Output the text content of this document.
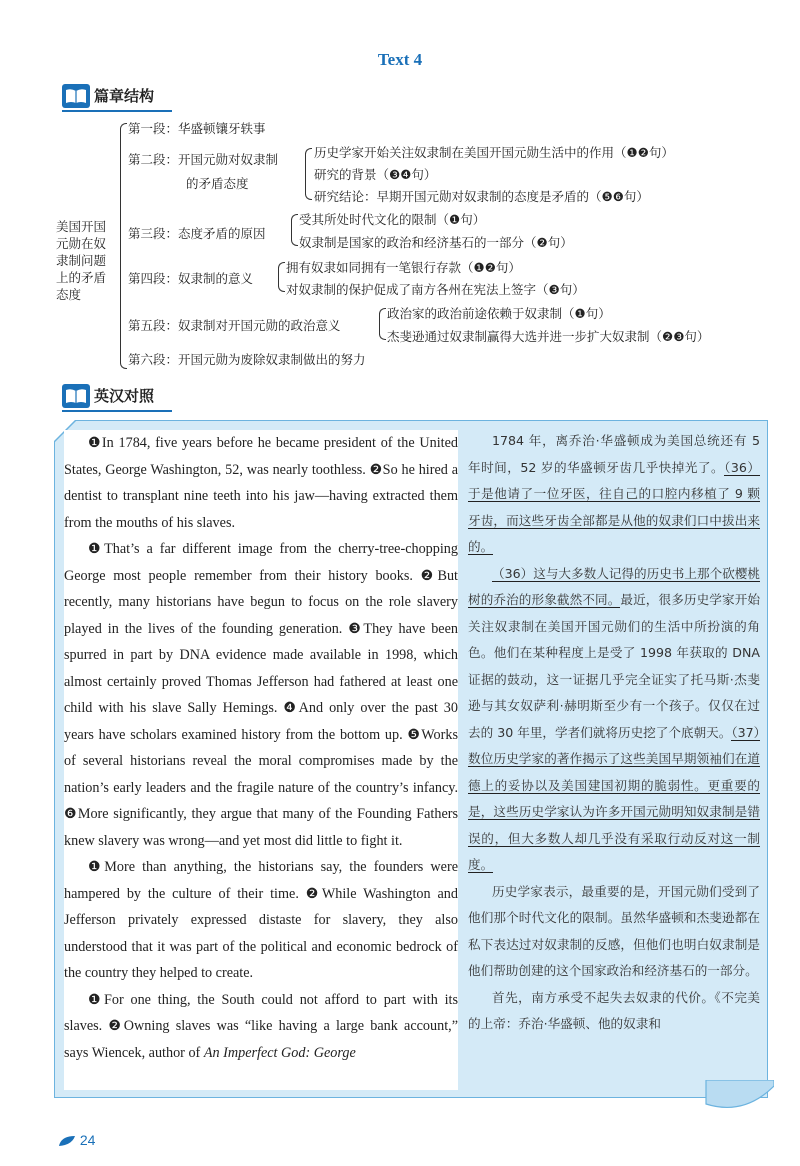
Text 4
篇章结构
美国开国元勋在奴隶制问题上的矛盾态度
第一段：华盛顿镶牙轶事
第二段：开国元勋对奴隶制
的矛盾态度
历史学家开始关注奴隶制在美国开国元勋生活中的作用（❶❷句）
研究的背景（❸❹句）
研究结论：早期开国元勋对奴隶制的态度是矛盾的（❺❻句）
第三段：态度矛盾的原因
受其所处时代文化的限制（❶句）
奴隶制是国家的政治和经济基石的一部分（❷句）
第四段：奴隶制的意义
拥有奴隶如同拥有一笔银行存款（❶❷句）
对奴隶制的保护促成了南方各州在宪法上签字（❸句）
第五段：奴隶制对开国元勋的政治意义
政治家的政治前途依赖于奴隶制（❶句）
杰斐逊通过奴隶制赢得大选并进一步扩大奴隶制（❷❸句）
第六段：开国元勋为废除奴隶制做出的努力
英汉对照

❶In 1784, five years before he became president of the United States, George Washington, 52, was nearly toothless. ❷So he hired a dentist to transplant nine teeth into his jaw—having extracted them from the mouths of his slaves.

❶That’s a far different image from the cherry-tree-chopping George most people remember from their history books. ❷But recently, many historians have begun to focus on the role slavery played in the lives of the founding generation. ❸They have been spurred in part by DNA evidence made available in 1998, which almost certainly proved Thomas Jefferson had fathered at least one child with his slave Sally Hemings. ❹And only over the past 30 years have scholars examined history from the bottom up. ❺Works of several historians reveal the moral compromises made by the nation’s early leaders and the fragile nature of the country’s infancy. ❻More significantly, they argue that many of the Founding Fathers knew slavery was wrong—and yet most did little to fight it.

❶More than anything, the historians say, the founders were hampered by the culture of their time. ❷While Washington and Jefferson privately expressed distaste for slavery, they also understood that it was part of the political and economic bedrock of the country they helped to create.

❶For one thing, the South could not afford to part with its slaves. ❷Owning slaves was “like having a large bank account,” says Wiencek, author of An Imperfect God: George

1784 年，离乔治·华盛顿成为美国总统还有 5 年时间，52 岁的华盛顿牙齿几乎快掉光了。（36）于是他请了一位牙医，往自己的口腔内移植了 9 颗牙齿，而这些牙齿全部都是从他的奴隶们口中拔出来的。

（36）这与大多数人记得的历史书上那个砍樱桃树的乔治的形象截然不同。最近，很多历史学家开始关注奴隶制在美国开国元勋们的生活中所扮演的角色。他们在某种程度上是受了 1998 年获取的 DNA 证据的鼓动，这一证据几乎完全证实了托马斯·杰斐逊与其女奴萨利·赫明斯至少有一个孩子。仅仅在过去的 30 年里，学者们就将历史挖了个底朝天。（37）数位历史学家的著作揭示了这些美国早期领袖们在道德上的妥协以及美国建国初期的脆弱性。更重要的是，这些历史学家认为许多开国元勋明知奴隶制是错误的，但大多数人却几乎没有采取行动反对这一制度。

历史学家表示，最重要的是，开国元勋们受到了他们那个时代文化的限制。虽然华盛顿和杰斐逊都在私下表达过对奴隶制的反感，但他们也明白奴隶制是他们帮助创建的这个国家政治和经济基石的一部分。

首先，南方承受不起失去奴隶的代价。《不完美的上帝：乔治·华盛顿、他的奴隶和

24
